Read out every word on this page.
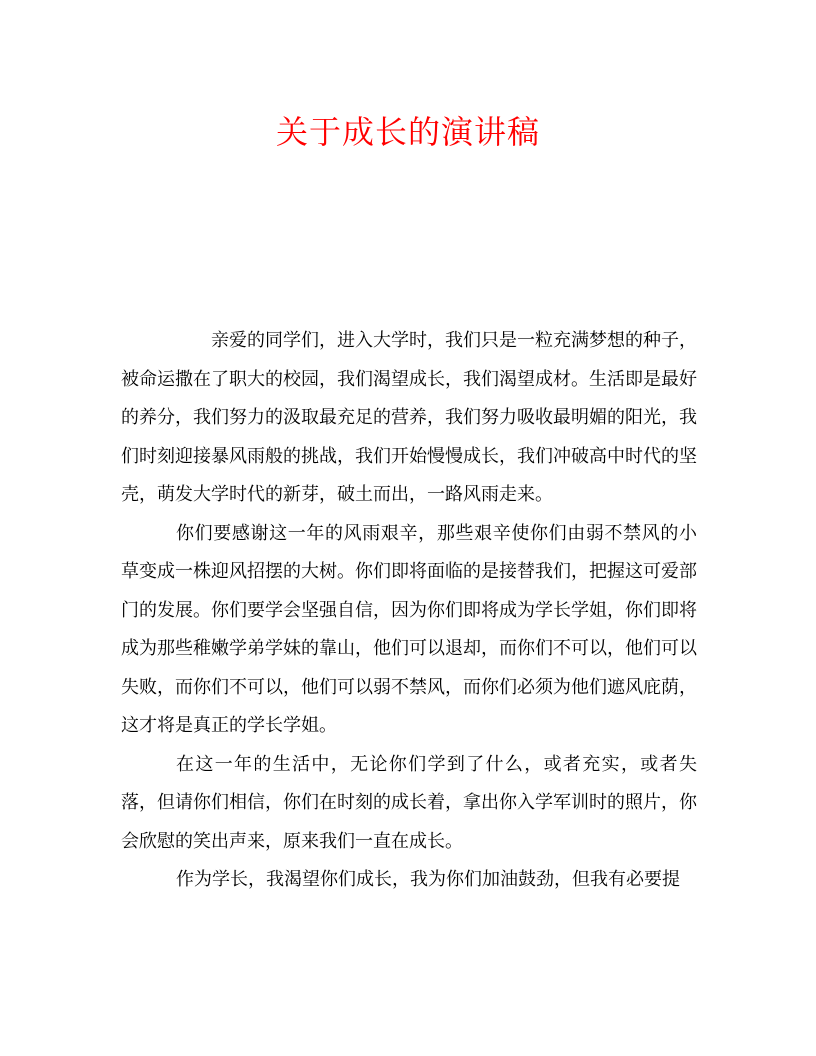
关于成长的演讲稿

亲爱的同学们，进入大学时，我们只是一粒充满梦想的种子，被命运撒在了职大的校园，我们渴望成长，我们渴望成材。生活即是最好的养分，我们努力的汲取最充足的营养，我们努力吸收最明媚的阳光，我们时刻迎接暴风雨般的挑战，我们开始慢慢成长，我们冲破高中时代的坚壳，萌发大学时代的新芽，破土而出，一路风雨走来。

你们要感谢这一年的风雨艰辛，那些艰辛使你们由弱不禁风的小草变成一株迎风招摆的大树。你们即将面临的是接替我们，把握这可爱部门的发展。你们要学会坚强自信，因为你们即将成为学长学姐，你们即将成为那些稚嫩学弟学妹的靠山，他们可以退却，而你们不可以，他们可以失败，而你们不可以，他们可以弱不禁风，而你们必须为他们遮风庇荫，这才将是真正的学长学姐。

在这一年的生活中，无论你们学到了什么，或者充实，或者失落，但请你们相信，你们在时刻的成长着，拿出你入学军训时的照片，你会欣慰的笑出声来，原来我们一直在成长。

作为学长，我渴望你们成长，我为你们加油鼓劲，但我有必要提
